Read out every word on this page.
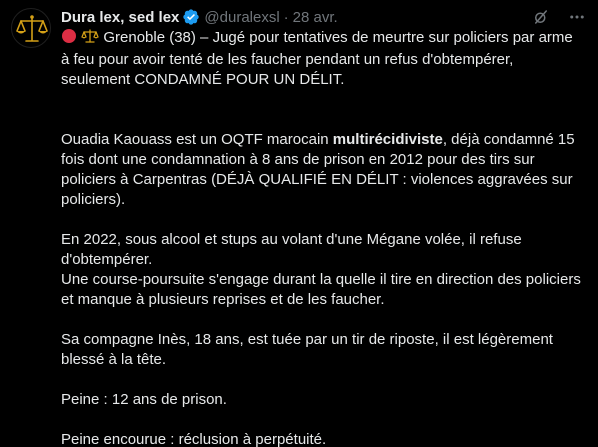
Dura lex, sed lex @duralexsl · 28 avr.

Grenoble (38) – Jugé pour tentatives de meurtre sur policiers par arme à feu pour avoir tenté de les faucher pendant un refus d'obtempérer, seulement CONDAMNÉ POUR UN DÉLIT.

Ouadia Kaouass est un OQTF marocain multirécidiviste, déjà condamné 15 fois dont une condamnation à 8 ans de prison en 2012 pour des tirs sur policiers à Carpentras (DÉJÀ QUALIFIÉ EN DÉLIT : violences aggravées sur policiers).

En 2022, sous alcool et stups au volant d'une Mégane volée, il refuse d'obtempérer.

Une course-poursuite s'engage durant la quelle il tire en direction des policiers et manque à plusieurs reprises et de les faucher.

Sa compagne Inès, 18 ans, est tuée par un tir de riposte, il est légèrement blessé à la tête.

Peine : 12 ans de prison.

Peine encourue : réclusion à perpétuité.
